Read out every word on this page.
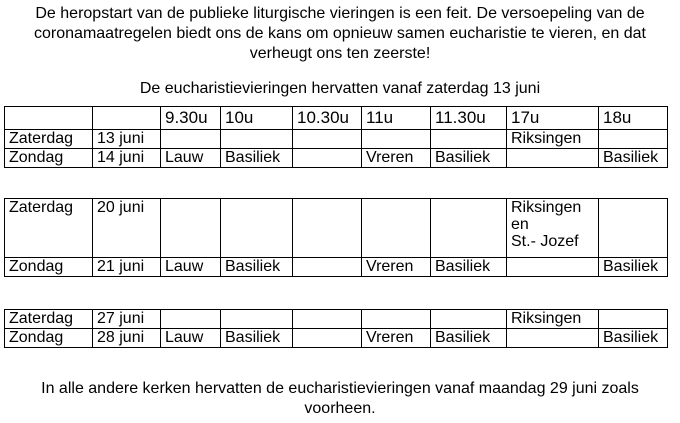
De heropstart van de publieke liturgische vieringen is een feit. De versoepeling van de
coronamaatregelen biedt ons de kans om opnieuw samen eucharistie te vieren, en dat
verheugt ons ten zeerste!
De eucharistievieringen hervatten vanaf zaterdag 13 juni
		9.30u	10u	10.30u	11u	11.30u	17u	18u
Zaterdag	13 juni						Riksingen	
Zondag	14 juni	Lauw	Basiliek		Vreren	Basiliek		Basiliek
Zaterdag	20 juni						Riksingen
en
St.- Jozef	

Zondag	21 juni	Lauw	Basiliek		Vreren	Basiliek		Basiliek
Zaterdag	27 juni						Riksingen	
Zondag	28 juni	Lauw	Basiliek		Vreren	Basiliek		Basiliek
In alle andere kerken hervatten de eucharistievieringen vanaf maandag 29 juni zoals
voorheen.
